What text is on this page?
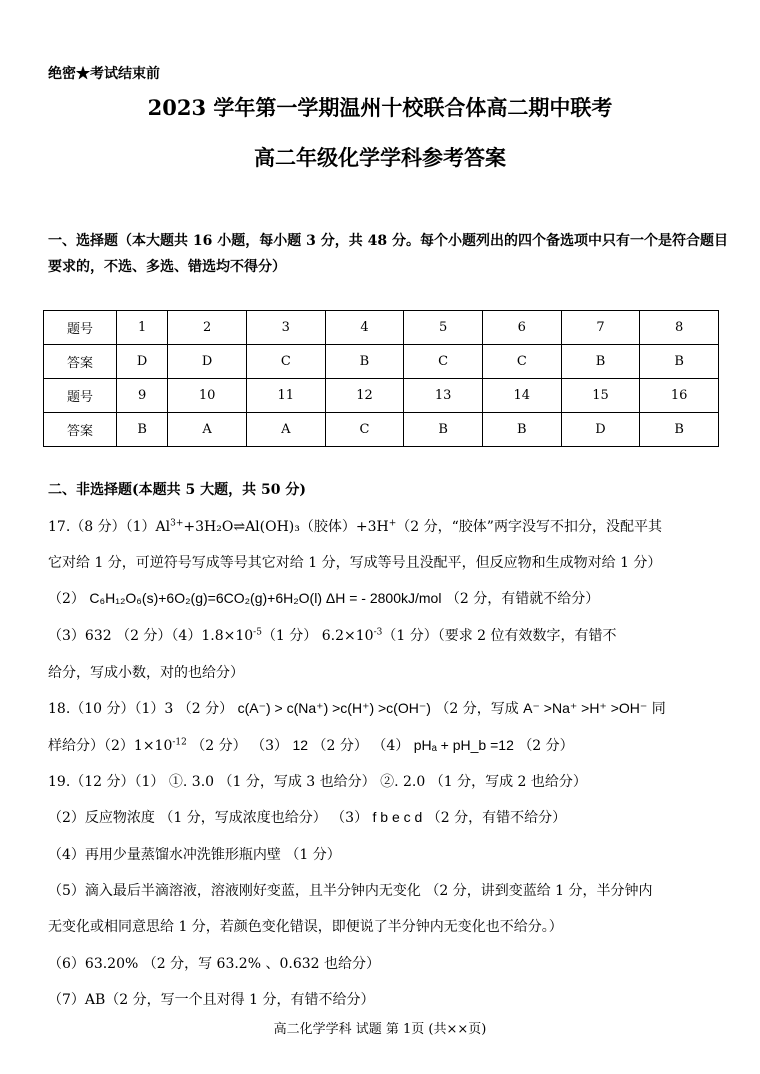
绝密★考试结束前
2023 学年第一学期温州十校联合体高二期中联考
高二年级化学学科参考答案
一、选择题（本大题共 16 小题，每小题 3 分，共 48 分。每个小题列出的四个备选项中只有一个是符合题目要求的，不选、多选、错选均不得分）
题号	1	2	3	4	5	6	7	8
答案	D	D	C	B	C	C	B	B
题号	9	10	11	12	13	14	15	16
答案	B	A	A	C	B	B	D	B
二、非选择题(本题共 5 大题，共 50 分)
17.（8 分）$(1)Al^{3+}+3H_2O\rightleftharpoons Al(OH)_3$（胶体）+3H+（2 分，“胶体”两字没写不扣分，没配平其
它对给 1 分，可逆符号写成等号其它对给 1 分，写成等号且没配平，但反应物和生成物对给 1 分）
（2） C₆H₁₂O₆(s)+6O₂(g)=6CO₂(g)+6H₂O(l) ΔH = - 2800kJ/mol （2 分，有错就不给分）
（3）632 （2 分）$(4)1.8\times 10^{-5}(1$ 分） $6.2\times 10^{-3}(1$ 分）（要求 2 位有效数字，有错不
给分，写成小数，对的也给分）
18.（10 分）（1）3 （2 分） c(A⁻) > c(Na⁺) >c(H⁺) >c(OH⁻) （2 分，写成 A⁻ >Na⁺ >H⁺ >OH⁻ 同
样给分）$(2)1\times 10^{-12}$ （2 分） （3） 12 （2 分） （4） pHₐ + pH_b =12 （2 分）
19.（12 分）（1） ①. 3.0 （1 分，写成 3 也给分） ②. 2.0 （1 分，写成 2 也给分）
（2）反应物浓度 （1 分，写成浓度也给分） （3） f b e c d （2 分，有错不给分）
（4）再用少量蒸馏水冲洗锥形瓶内壁 （1 分）
（5）滴入最后半滴溶液，溶液刚好变蓝，且半分钟内无变化 （2 分，讲到变蓝给 1 分，半分钟内
无变化或相同意思给 1 分，若颜色变化错误，即便说了半分钟内无变化也不给分。）
（6）63.20% （2 分，写 63.2% 、0.632 也给分）
（7）AB（2 分，写一个且对得 1 分，有错不给分）
高二化学学科 试题 第 1页 (共××页)
